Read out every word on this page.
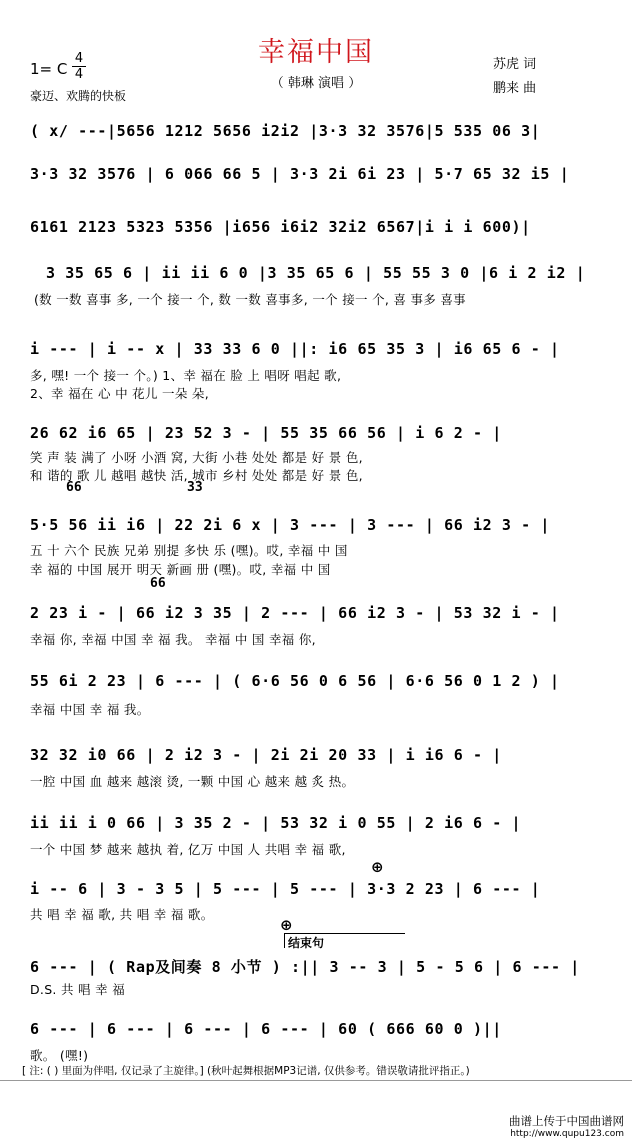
幸福中国
（ 韩琳 演唱 ）
1= C
4
4
豪迈、欢腾的快板
苏虎 词
鹏来 曲
( x∕ ---|5656 1212 5656 i2i2 |3·3 32 3576|5 535 06 3|
3·3 32 3576 | 6 066 66 5 | 3·3 2i 6i 23 | 5·7 65 32 i5 |
6161 2123 5323 5356 |i656 i6i2 32i2 6567|i i i 600)|
3 35 65 6 | ii ii 6 0 |3 35 65 6 | 55 55 3 0 |6 i 2 i2 |
(数 一数 喜事 多, 一个 接一 个, 数 一数 喜事多, 一个 接一 个, 喜 事多 喜事
i --- | i -- x | 33 33 6 0 ||: i6 65 35 3 | i6 65 6 - |
多, 嘿! 一个 接一 个。) 1、幸 福在 脸 上 唱呀 唱起 歌,
2、幸 福在 心 中 花儿 一朵 朵,
26 62 i6 65 | 23 52 3 - | 55 35 66 56 | i 6 2 - |
笑 声 装 满了 小呀 小酒 窝, 大街 小巷 处处 都是 好 景 色,
和 谐的 歌 儿 越唱 越快 活, 城市 乡村 处处 都是 好 景 色,
66	33
5·5 56 ii i6 | 22 2i 6 x | 3 --- | 3 --- | 66 i2 3 - |
五 十 六个 民族 兄弟 别提 多快 乐 (嘿)。哎, 幸福 中 国
幸 福的 中国 展开 明天 新画 册 (嘿)。哎, 幸福 中 国
66
2 23 i - | 66 i2 3 35 | 2 --- | 66 i2 3 - | 53 32 i - |
幸福 你, 幸福 中国 幸 福 我。 幸福 中 国 幸福 你,
55 6i 2 23 | 6 --- | ( 6·6 56 0 6 56 | 6·6 56 0 1 2 ) |
幸福 中国 幸 福 我。
32 32 i0 66 | 2 i2 3 - | 2i 2i 20 33 | i i6 6 - |
一腔 中国 血 越来 越滚 烫, 一颗 中国 心 越来 越 炙 热。
ii ii i 0 66 | 3 35 2 - | 53 32 i 0 55 | 2 i6 6 - |
一个 中国 梦 越来 越执 着, 亿万 中国 人 共唱 幸 福 歌,
⊕
i -- 6 | 3 - 3 5 | 5 --- | 5 --- | 3·3 2 23 | 6 --- |
共 唱 幸 福 歌, 共 唱 幸 福 歌。
⊕
结束句
6 --- | ( Rap及间奏 8 小节 ) :|| 3 -- 3 | 5 - 5 6 | 6 --- |
D.S. 共 唱 幸 福
6 --- | 6 --- | 6 --- | 6 --- | 60 ( 666 60 0 )||
歌。 (嘿!)
[ 注: ( ) 里面为伴唱, 仅记录了主旋律。] (秋叶起舞根据MP3记谱, 仅供参考。错误敬请批评指正。)
曲谱上传于中国曲谱网
http://www.qupu123.com
